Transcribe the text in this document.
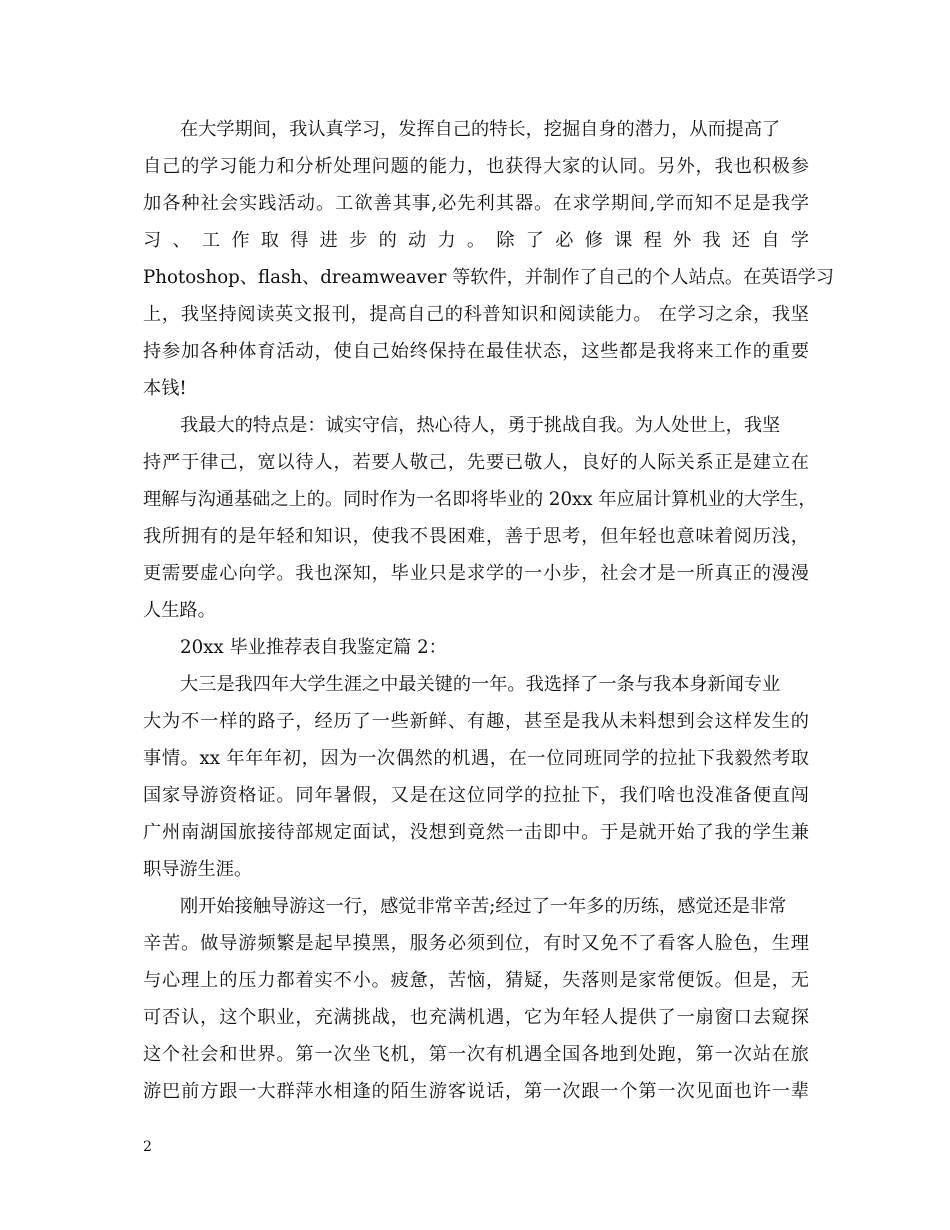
在大学期间，我认真学习，发挥自己的特长，挖掘自身的潜力，从而提高了
自己的学习能力和分析处理问题的能力，也获得大家的认同。另外，我也积极参
加各种社会实践活动。工欲善其事,必先利其器。在求学期间,学而知不足是我学
习 、 工 作 取 得 进 步 的 动 力 。 除 了 必 修 课 程 外 我 还 自 学
Photoshop、flash、dreamweaver 等软件，并制作了自己的个人站点。在英语学习
上，我坚持阅读英文报刊，提高自己的科普知识和阅读能力。 在学习之余，我坚
持参加各种体育活动，使自己始终保持在最佳状态，这些都是我将来工作的重要
本钱!
我最大的特点是：诚实守信，热心待人，勇于挑战自我。为人处世上，我坚
持严于律己，宽以待人，若要人敬己，先要已敬人，良好的人际关系正是建立在
理解与沟通基础之上的。同时作为一名即将毕业的 20xx 年应届计算机业的大学生，
我所拥有的是年轻和知识，使我不畏困难，善于思考，但年轻也意味着阅历浅，
更需要虚心向学。我也深知，毕业只是求学的一小步，社会才是一所真正的漫漫
人生路。
20xx 毕业推荐表自我鉴定篇 2：
大三是我四年大学生涯之中最关键的一年。我选择了一条与我本身新闻专业
大为不一样的路子，经历了一些新鲜、有趣，甚至是我从未料想到会这样发生的
事情。xx 年年年初，因为一次偶然的机遇，在一位同班同学的拉扯下我毅然考取
国家导游资格证。同年暑假，又是在这位同学的拉扯下，我们啥也没准备便直闯
广州南湖国旅接待部规定面试，没想到竟然一击即中。于是就开始了我的学生兼
职导游生涯。
刚开始接触导游这一行，感觉非常辛苦;经过了一年多的历练，感觉还是非常
辛苦。做导游频繁是起早摸黑，服务必须到位，有时又免不了看客人脸色，生理
与心理上的压力都着实不小。疲惫，苦恼，猜疑，失落则是家常便饭。但是，无
可否认，这个职业，充满挑战，也充满机遇，它为年轻人提供了一扇窗口去窥探
这个社会和世界。第一次坐飞机，第一次有机遇全国各地到处跑，第一次站在旅
游巴前方跟一大群萍水相逢的陌生游客说话，第一次跟一个第一次见面也许一辈
2
